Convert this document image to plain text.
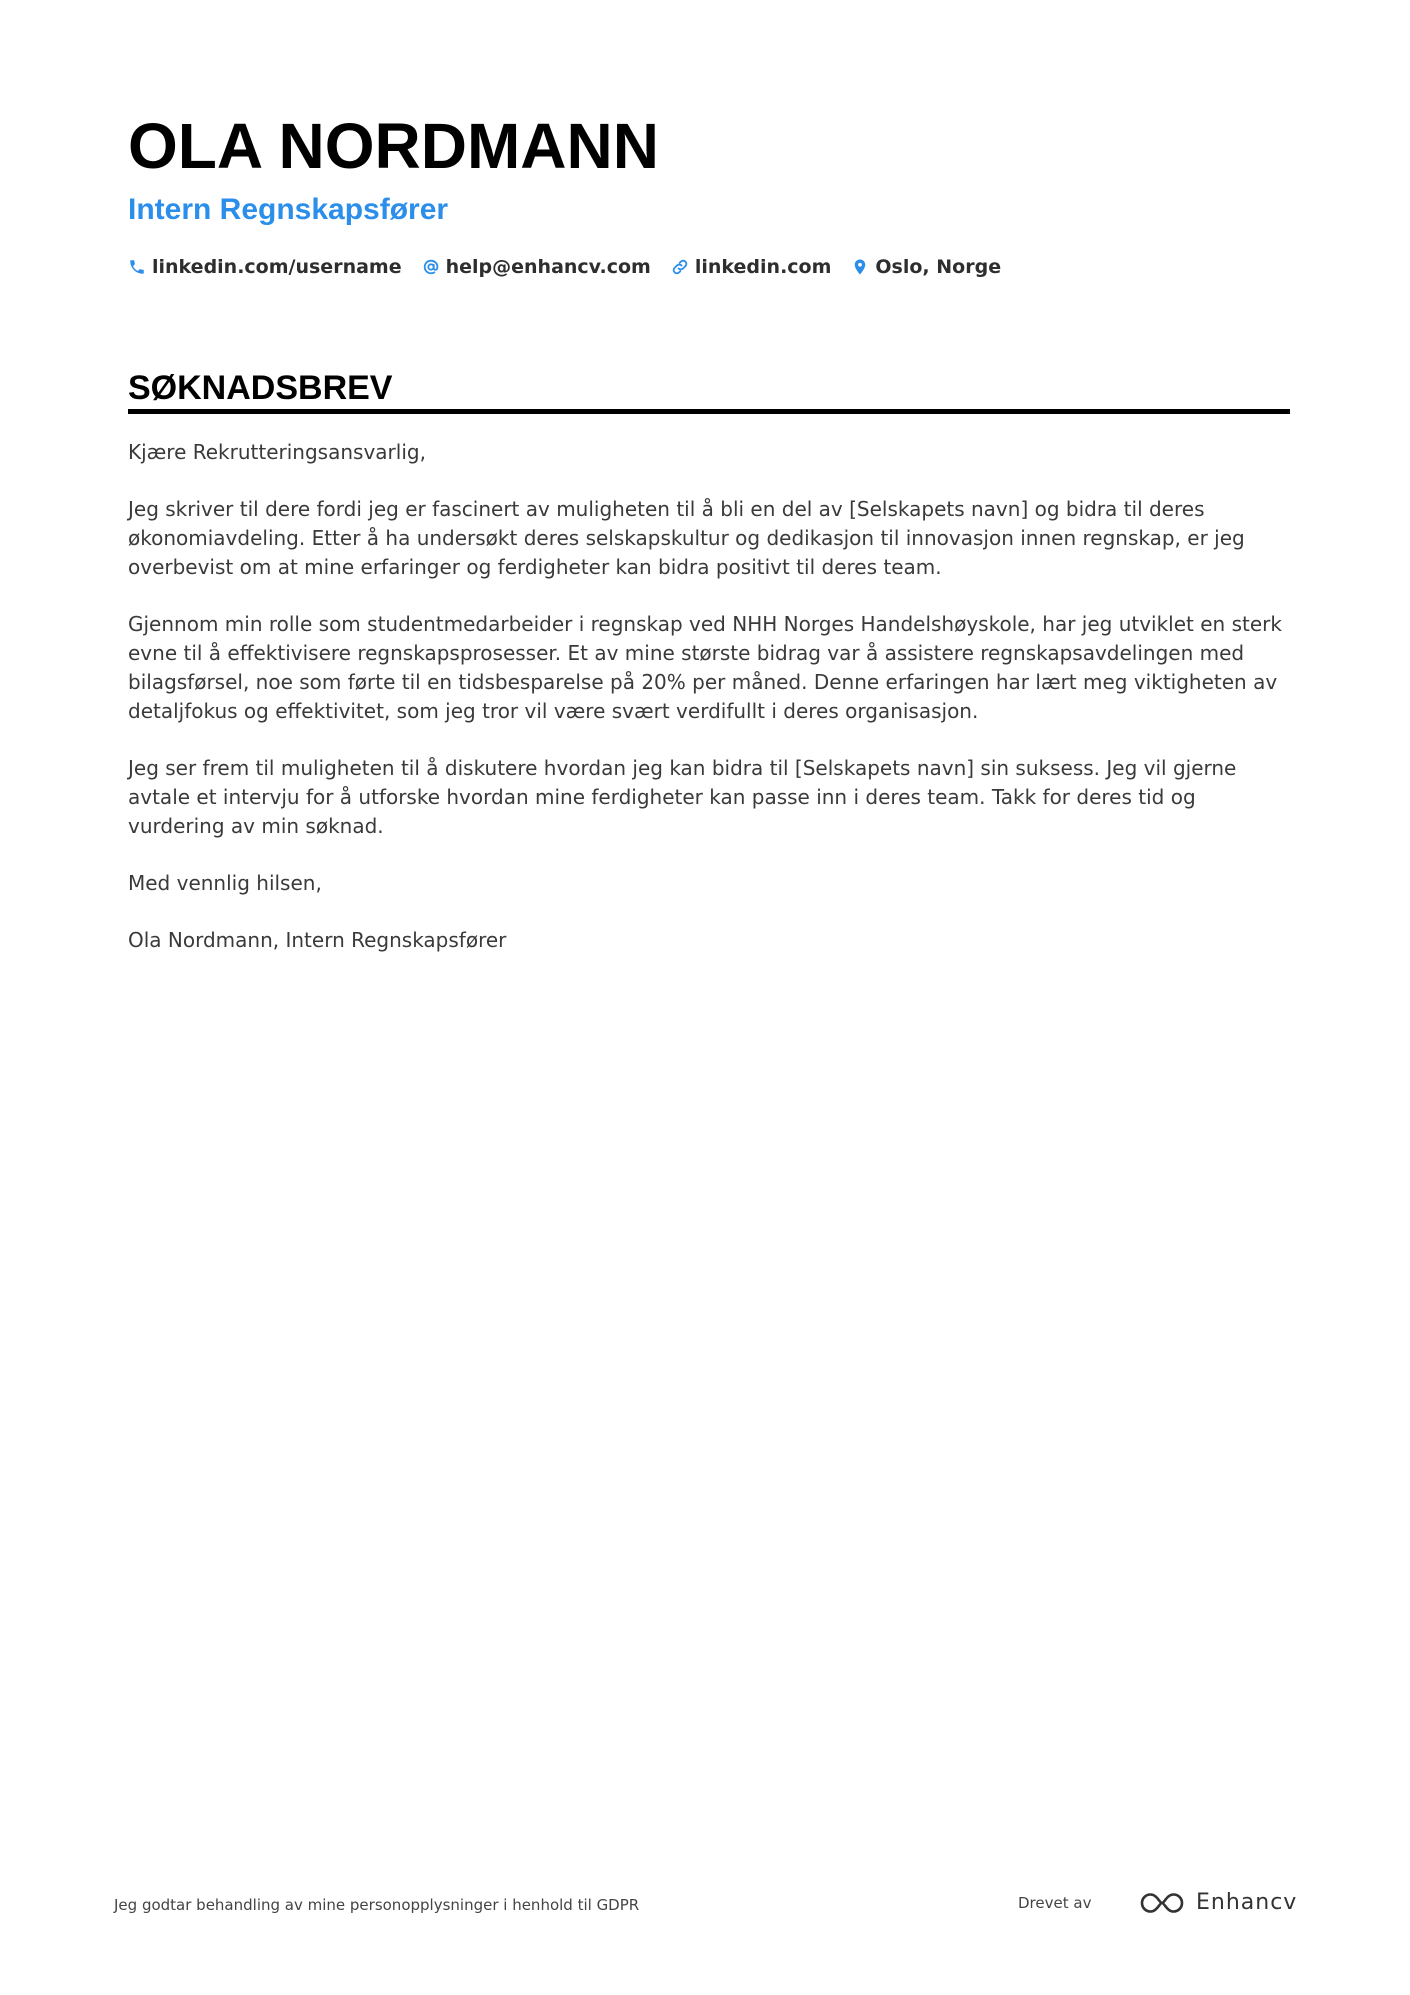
OLA NORDMANN
Intern Regnskapsfører
linkedin.com/username help@enhancv.com linkedin.com Oslo, Norge
SØKNADSBREV

Kjære Rekrutteringsansvarlig,

Jeg skriver til dere fordi jeg er fascinert av muligheten til å bli en del av [Selskapets navn] og bidra til deres økonomiavdeling. Etter å ha undersøkt deres selskapskultur og dedikasjon til innovasjon innen regnskap, er jeg overbevist om at mine erfaringer og ferdigheter kan bidra positivt til deres team.

Gjennom min rolle som studentmedarbeider i regnskap ved NHH Norges Handelshøyskole, har jeg utviklet en sterk evne til å effektivisere regnskapsprosesser. Et av mine største bidrag var å assistere regnskapsavdelingen med bilagsførsel, noe som førte til en tidsbesparelse på 20% per måned. Denne erfaringen har lært meg viktigheten av detaljfokus og effektivitet, som jeg tror vil være svært verdifullt i deres organisasjon.

Jeg ser frem til muligheten til å diskutere hvordan jeg kan bidra til [Selskapets navn] sin suksess. Jeg vil gjerne avtale et intervju for å utforske hvordan mine ferdigheter kan passe inn i deres team. Takk for deres tid og vurdering av min søknad.

Med vennlig hilsen,

Ola Nordmann, Intern Regnskapsfører

Jeg godtar behandling av mine personopplysninger i henhold til GDPR	Drevet av	Enhancv
